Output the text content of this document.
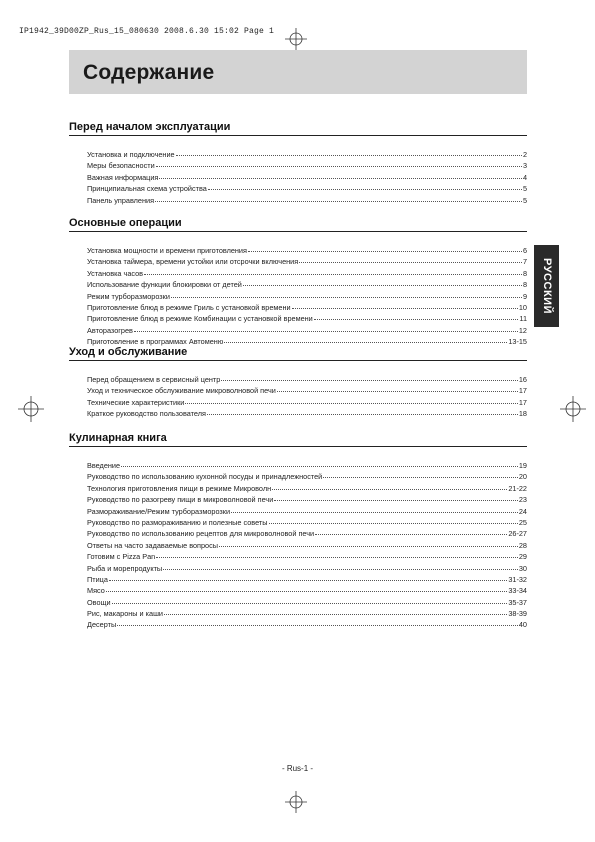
IP1942_39D00ZP_Rus_15_080630 2008.6.30 15:02 Page 1
Содержание
РУССКИЙ
Перед началом эксплуатации
Установка и подключение	2
Меры безопасности	3
Важная информация	4
Принципиальная схема устройства	5
Панель управления	5
Основные операции
Установка мощности и времени приготовления	6
Установка таймера, времени устойки или отсрочки включения	7
Установка часов	8
Использование функции блокировки от детей	8
Режим турборазморозки	9
Приготовление блюд в режиме Гриль с установкой времени	10
Приготовление блюд в режиме Комбинации с установкой времени	11
Авторазогрев	12
Приготовление в программах Автоменю	13-15
Уход и обслуживание
Перед обращением в сервисный центр	16
Уход и техническое обслуживание микроволновой печи	17
Технические характеристики	17
Краткое руководство пользователя	18
Кулинарная книга
Введение	19
Руководство по использованию кухонной посуды и принадлежностей	20
Технология приготовления пищи в режиме Микроволн	21-22
Руководство по разогреву пищи в микроволновой печи	23
Размораживание/Режим турборазморозки	24
Руководство по размораживанию и полезные советы	25
Руководство по использованию рецептов для микроволновой печи	26-27
Ответы на часто задаваемые вопросы	28
Готовим с Pizza Pan	29
Рыба и морепродукты	30
Птица	31-32
Мясо	33-34
Овощи	35-37
Рис, макароны и каши	38-39
Десерты	40
- Rus-1 -
